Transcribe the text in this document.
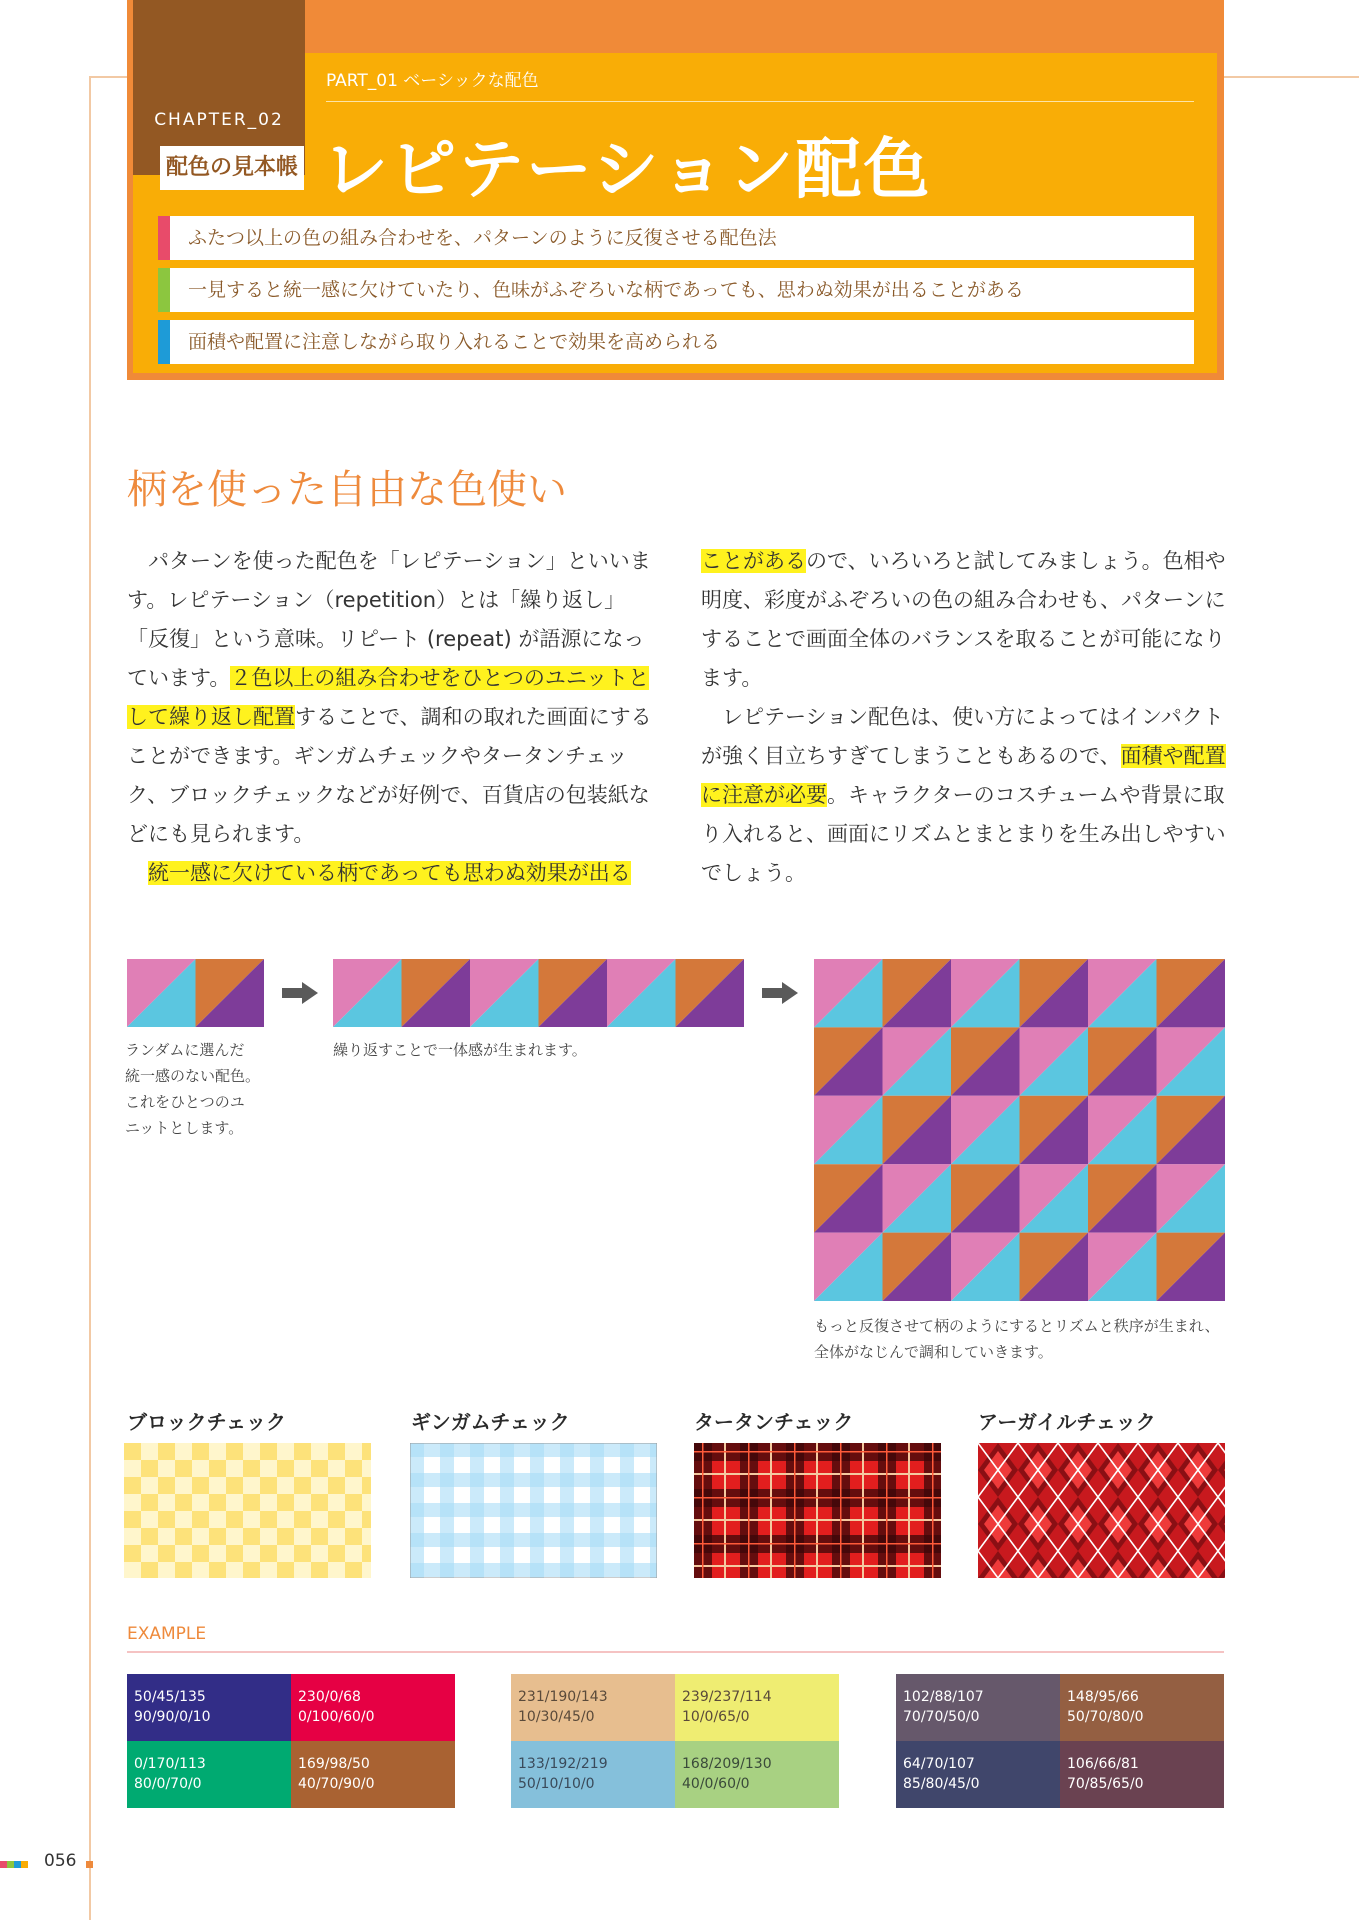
CHAPTER_02
配色の見本帳
PART_01 ベーシックな配色
レピテーション配色
ふたつ以上の色の組み合わせを、パターンのように反復させる配色法
一見すると統一感に欠けていたり、色味がふぞろいな柄であっても、思わぬ効果が出ることがある
面積や配置に注意しながら取り入れることで効果を高められる
柄を使った自由な色使い

パターンを使った配色を「レピテーション」といいます。レピテーション（repetition）とは「繰り返し」「反復」という意味。リピート (repeat) が語源になっています。２色以上の組み合わせをひとつのユニットとして繰り返し配置することで、調和の取れた画面にすることができます。ギンガムチェックやタータンチェック、ブロックチェックなどが好例で、百貨店の包装紙などにも見られます。

統一感に欠けている柄であっても思わぬ効果が出る

ことがあるので、いろいろと試してみましょう。色相や明度、彩度がふぞろいの色の組み合わせも、パターンにすることで画面全体のバランスを取ることが可能になります。

レピテーション配色は、使い方によってはインパクトが強く目立ちすぎてしまうこともあるので、面積や配置に注意が必要。キャラクターのコスチュームや背景に取り入れると、画面にリズムとまとまりを生み出しやすいでしょう。

ランダムに選んだ
統一感のない配色。
これをひとつのユ
ニットとします。
繰り返すことで一体感が生まれます。
もっと反復させて柄のようにするとリズムと秩序が生まれ、
全体がなじんで調和していきます。
ブロックチェック	ギンガムチェック	タータンチェック	アーガイルチェック
EXAMPLE
50/45/135
90/90/0/10
230/0/68
0/100/60/0
0/170/113
80/0/70/0
169/98/50
40/70/90/0
231/190/143
10/30/45/0
239/237/114
10/0/65/0
133/192/219
50/10/10/0
168/209/130
40/0/60/0
102/88/107
70/70/50/0
148/95/66
50/70/80/0
64/70/107
85/80/45/0
106/66/81
70/85/65/0
056
